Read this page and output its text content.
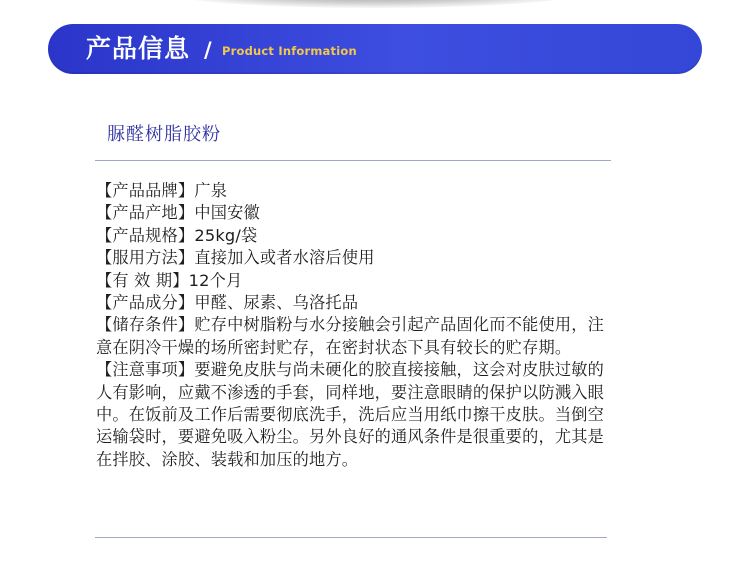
产品信息 / Product Information
脲醛树脂胶粉
【产品品牌】广泉
【产品产地】中国安徽
【产品规格】25kg/袋
【服用方法】直接加入或者水溶后使用
【有 效 期】12个月
【产品成分】甲醛、尿素、乌洛托品
【储存条件】贮存中树脂粉与水分接触会引起产品固化而不能使用，注意在阴冷干燥的场所密封贮存，在密封状态下具有较长的贮存期。
【注意事项】要避免皮肤与尚未硬化的胶直接接触，这会对皮肤过敏的人有影响，应戴不渗透的手套，同样地，要注意眼睛的保护以防溅入眼中。在饭前及工作后需要彻底洗手，洗后应当用纸巾擦干皮肤。当倒空运输袋时，要避免吸入粉尘。另外良好的通风条件是很重要的，尤其是在拌胶、涂胶、装载和加压的地方。
